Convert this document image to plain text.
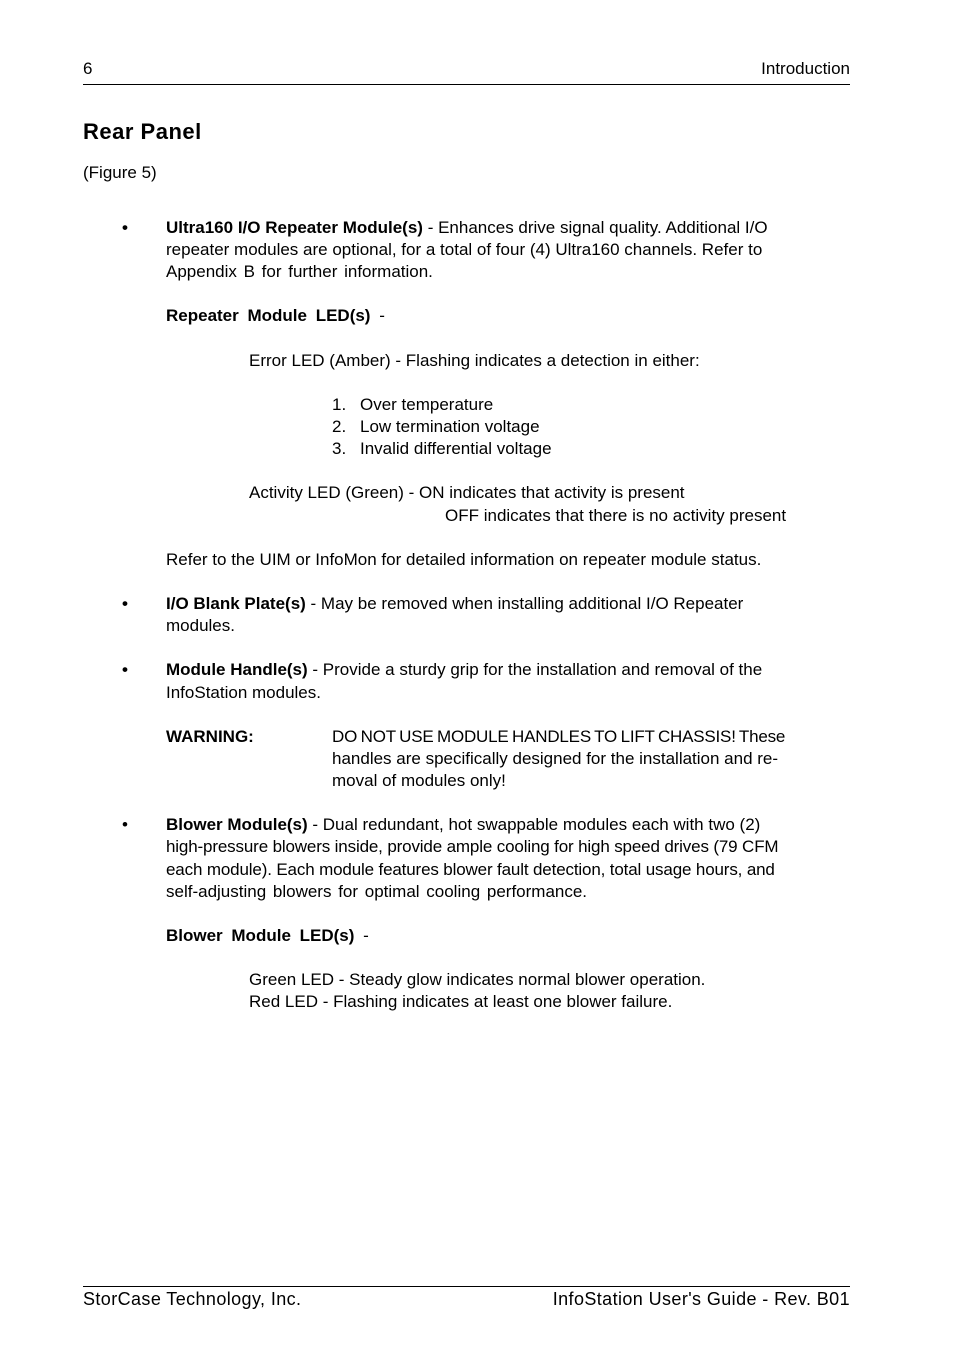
6	Introduction
Rear Panel
(Figure 5)
•	Ultra160 I/O Repeater Module(s) - Enhances drive signal quality. Additional I/O
repeater modules are optional, for a total of four (4) Ultra160 channels. Refer to
Appendix B for further information.
Repeater Module LED(s) -
Error LED (Amber) - Flashing indicates a detection in either:
1. Over temperature
2. Low termination voltage
3. Invalid differential voltage
Activity LED (Green) - ON indicates that activity is present
OFF indicates that there is no activity present
Refer to the UIM or InfoMon for detailed information on repeater module status.
•	I/O Blank Plate(s) - May be removed when installing additional I/O Repeater
modules.
•	Module Handle(s) - Provide a sturdy grip for the installation and removal of the
InfoStation modules.
WARNING:	DO NOT USE MODULE HANDLES TO LIFT CHASSIS! These
handles are specifically designed for the installation and re-
moval of modules only!
•	Blower Module(s) - Dual redundant, hot swappable modules each with two (2)
high-pressure blowers inside, provide ample cooling for high speed drives (79 CFM
each module). Each module features blower fault detection, total usage hours, and
self-adjusting blowers for optimal cooling performance.
Blower Module LED(s) -
Green LED - Steady glow indicates normal blower operation.
Red LED - Flashing indicates at least one blower failure.
StorCase Technology, Inc.	InfoStation User's Guide - Rev. B01
